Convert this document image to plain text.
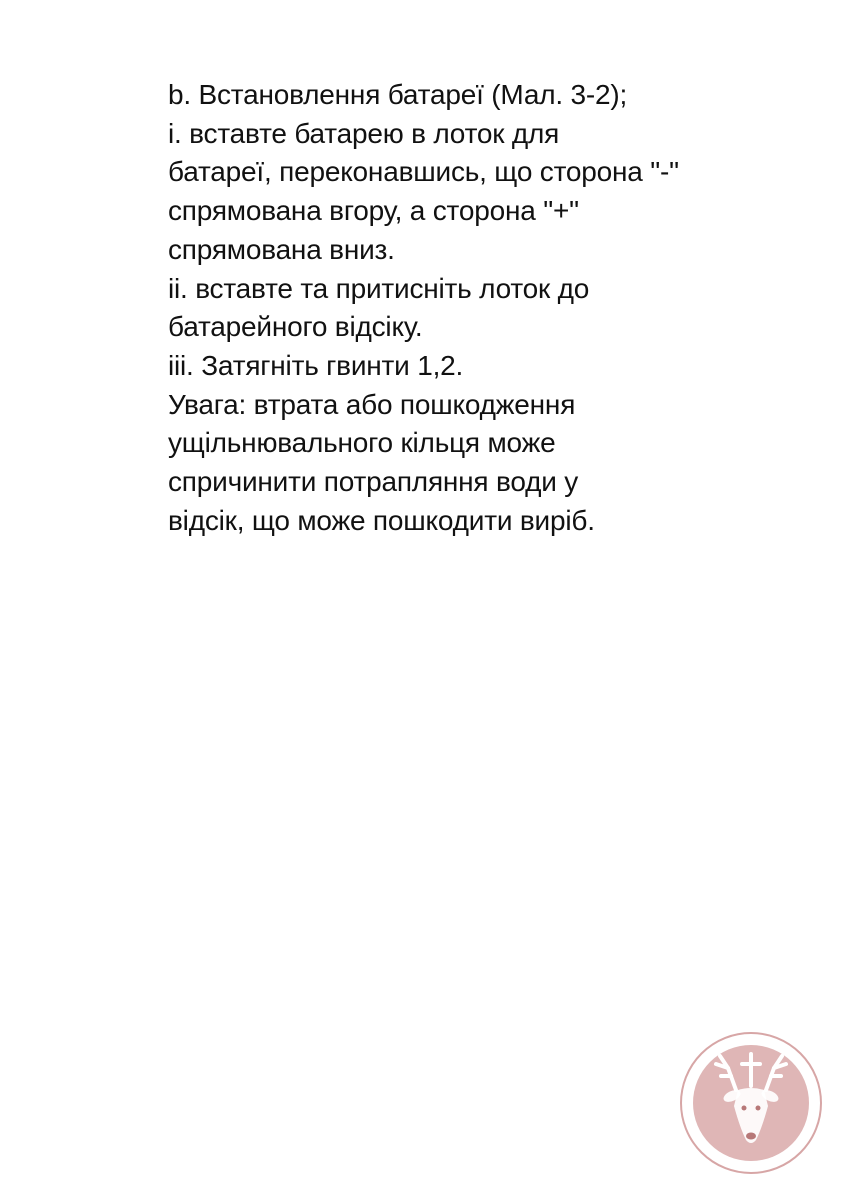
b. Встановлення батареї (Мал. 3-2);
i. вставте батарею в лоток для
батареї, переконавшись, що сторона "-"
спрямована вгору, а сторона "+"
спрямована вниз.
ii. вставте та притисніть лоток до
батарейного відсіку.
iii. Затягніть гвинти 1,2.
Увага: втрата або пошкодження
ущільнювального кільця може
спричинити потрапляння води у
відсік, що може пошкодити виріб.
